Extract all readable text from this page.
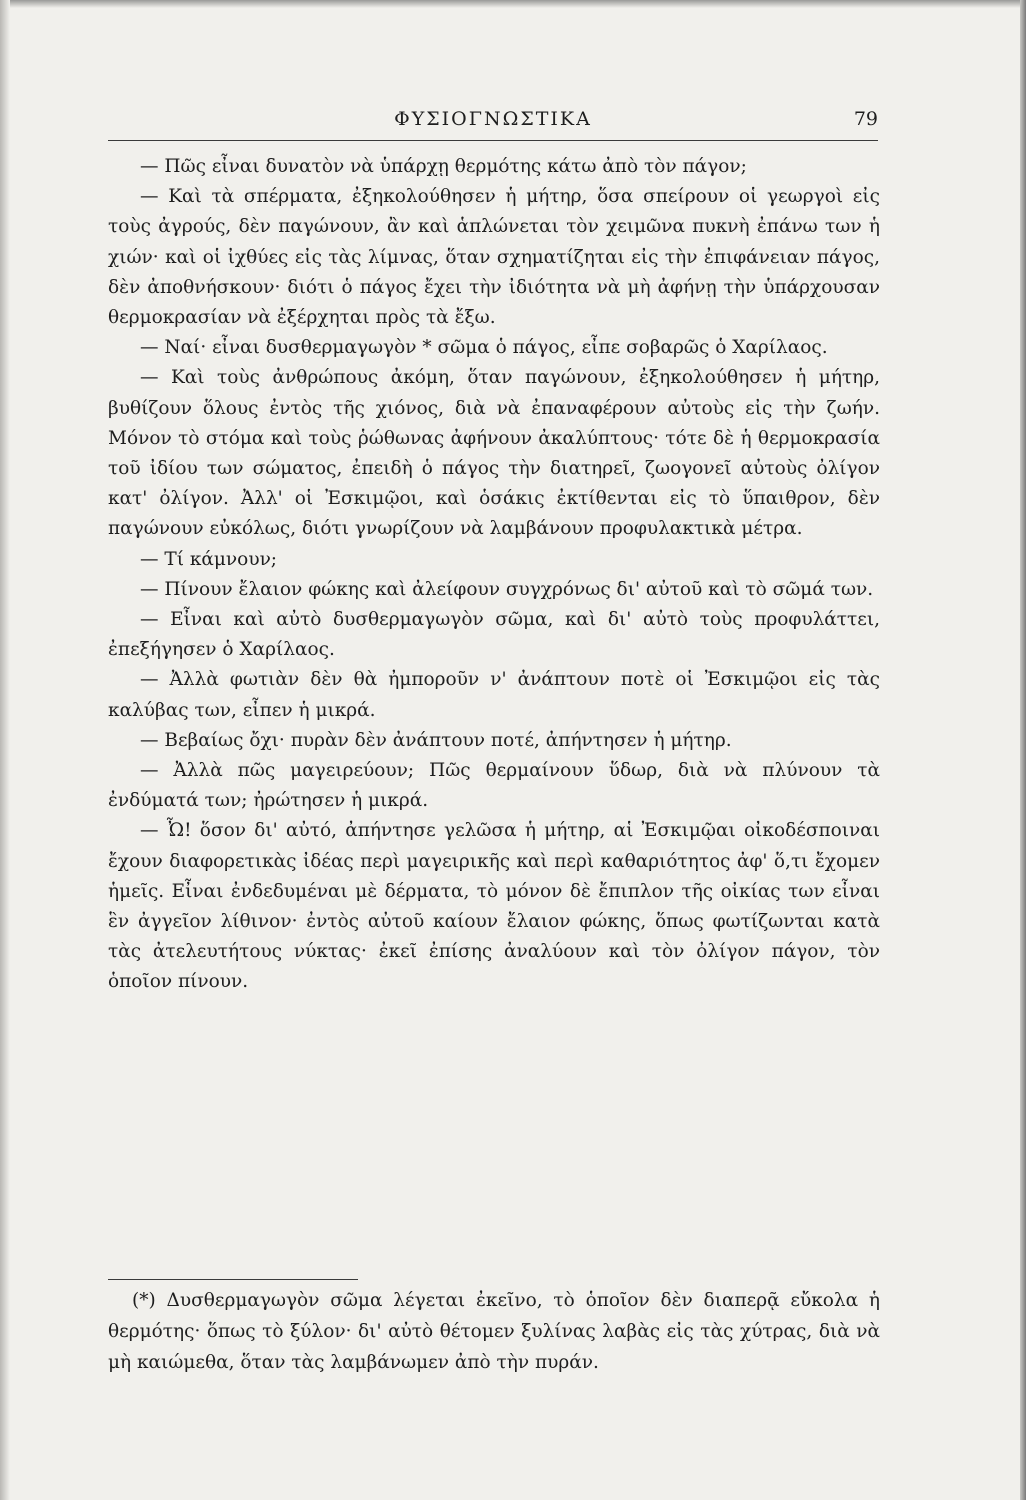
ΦΥΣΙΟΓΝΩΣΤΙΚΑ	79

— Πῶς εἶναι δυνατὸν νὰ ὑπάρχῃ θερμότης κάτω ἀπὸ τὸν πάγον;

— Καὶ τὰ σπέρματα, ἐξηκολούθησεν ἡ μήτηρ, ὅσα σπείρουν οἱ γεωργοὶ εἰς τοὺς ἀγρούς, δὲν παγώνουν, ἂν καὶ ἁπλώνεται τὸν χειμῶνα πυκνὴ ἐπάνω των ἡ χιών· καὶ οἱ ἰχθύες εἰς τὰς λίμνας, ὅταν σχηματίζηται εἰς τὴν ἐπιφάνειαν πάγος, δὲν ἀποθνήσκουν· διότι ὁ πάγος ἔχει τὴν ἰδιότητα νὰ μὴ ἀφήνῃ τὴν ὑπάρχουσαν θερμοκρασίαν νὰ ἐξέρχηται πρὸς τὰ ἔξω.

— Ναί· εἶναι δυσθερμαγωγὸν * σῶμα ὁ πάγος, εἶπε σοβαρῶς ὁ Χαρίλαος.

— Καὶ τοὺς ἀνθρώπους ἀκόμη, ὅταν παγώνουν, ἐξηκολούθησεν ἡ μήτηρ, βυθίζουν ὅλους ἐντὸς τῆς χιόνος, διὰ νὰ ἐπαναφέρουν αὐτοὺς εἰς τὴν ζωήν. Μόνον τὸ στόμα καὶ τοὺς ῥώθωνας ἀφήνουν ἀκαλύπτους· τότε δὲ ἡ θερμοκρασία τοῦ ἰδίου των σώματος, ἐπειδὴ ὁ πάγος τὴν διατηρεῖ, ζωογονεῖ αὐτοὺς ὀλίγον κατ' ὀλίγον. Ἀλλ' οἱ Ἐσκιμῷοι, καὶ ὁσάκις ἐκτίθενται εἰς τὸ ὕπαιθρον, δὲν παγώνουν εὐκόλως, διότι γνωρίζουν νὰ λαμβάνουν προφυλακτικὰ μέτρα.

— Τί κάμνουν;

— Πίνουν ἔλαιον φώκης καὶ ἀλείφουν συγχρόνως δι' αὐτοῦ καὶ τὸ σῶμά των.

— Εἶναι καὶ αὐτὸ δυσθερμαγωγὸν σῶμα, καὶ δι' αὐτὸ τοὺς προφυλάττει, ἐπεξήγησεν ὁ Χαρίλαος.

— Ἀλλὰ φωτιὰν δὲν θὰ ἠμποροῦν ν' ἀνάπτουν ποτὲ οἱ Ἐσκιμῷοι εἰς τὰς καλύβας των, εἶπεν ἡ μικρά.

— Βεβαίως ὄχι· πυρὰν δὲν ἀνάπτουν ποτέ, ἀπήντησεν ἡ μήτηρ.

— Ἀλλὰ πῶς μαγειρεύουν; Πῶς θερμαίνουν ὕδωρ, διὰ νὰ πλύνουν τὰ ἐνδύματά των; ἠρώτησεν ἡ μικρά.

— Ὦ! ὅσον δι' αὐτό, ἀπήντησε γελῶσα ἡ μήτηρ, αἱ Ἐσκιμῷαι οἰκοδέσποιναι ἔχουν διαφορετικὰς ἰδέας περὶ μαγειρικῆς καὶ περὶ καθαριότητος ἀφ' ὅ,τι ἔχομεν ἡμεῖς. Εἶναι ἐνδεδυμέναι μὲ δέρματα, τὸ μόνον δὲ ἔπιπλον τῆς οἰκίας των εἶναι ἓν ἀγγεῖον λίθινον· ἐντὸς αὐτοῦ καίουν ἔλαιον φώκης, ὅπως φωτίζωνται κατὰ τὰς ἀτελευτήτους νύκτας· ἐκεῖ ἐπίσης ἀναλύουν καὶ τὸν ὀλίγον πάγον, τὸν ὁποῖον πίνουν.

(*) Δυσθερμαγωγὸν σῶμα λέγεται ἐκεῖνο, τὸ ὁποῖον δὲν διαπερᾷ εὔκολα ἡ θερμότης· ὅπως τὸ ξύλον· δι' αὐτὸ θέτομεν ξυλίνας λαβὰς εἰς τὰς χύτρας, διὰ νὰ μὴ καιώμεθα, ὅταν τὰς λαμβάνωμεν ἀπὸ τὴν πυράν.
